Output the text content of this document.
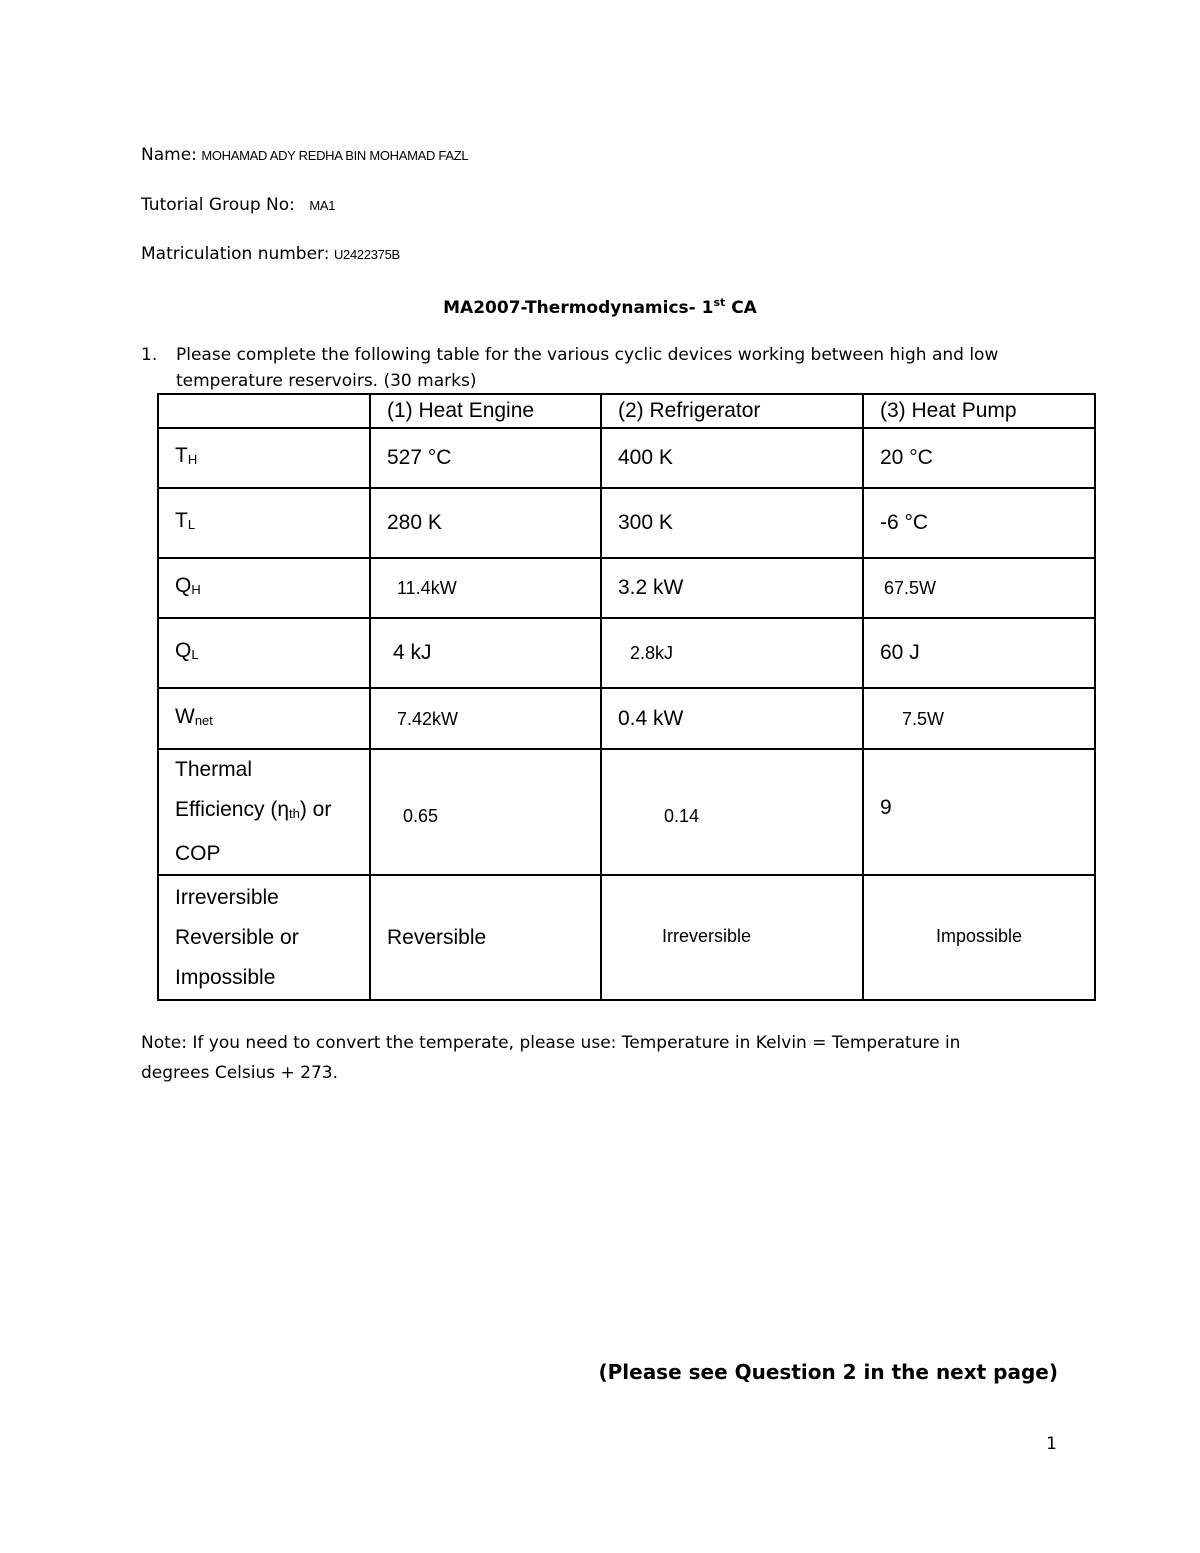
Name: MOHAMAD ADY REDHA BIN MOHAMAD FAZL
Tutorial Group No: MA1
Matriculation number: U2422375B
MA2007-Thermodynamics- 1st CA
1. Please complete the following table for the various cyclic devices working between high and low
temperature reservoirs. (30 marks)
	(1) Heat Engine	(2) Refrigerator	(3) Heat Pump
$T_H$	527 °C	400 K	20 °C
$T_L$	280 K	300 K	-6 °C
$Q_H$	11.4kW	3.2 kW	67.5W
$Q_L$	4 kJ	2.8kJ	60 J
$W_{net}$	7.42kW	0.4 kW	7.5W

Thermal
Efficiency $(\eta_{th})$ or
COP	0.65	0.14	9

Irreversible
Reversible or
Impossible	Reversible	Irreversible	Impossible
Note: If you need to convert the temperate, please use: Temperature in Kelvin = Temperature in
degrees Celsius + 273.
(Please see Question 2 in the next page)
1
